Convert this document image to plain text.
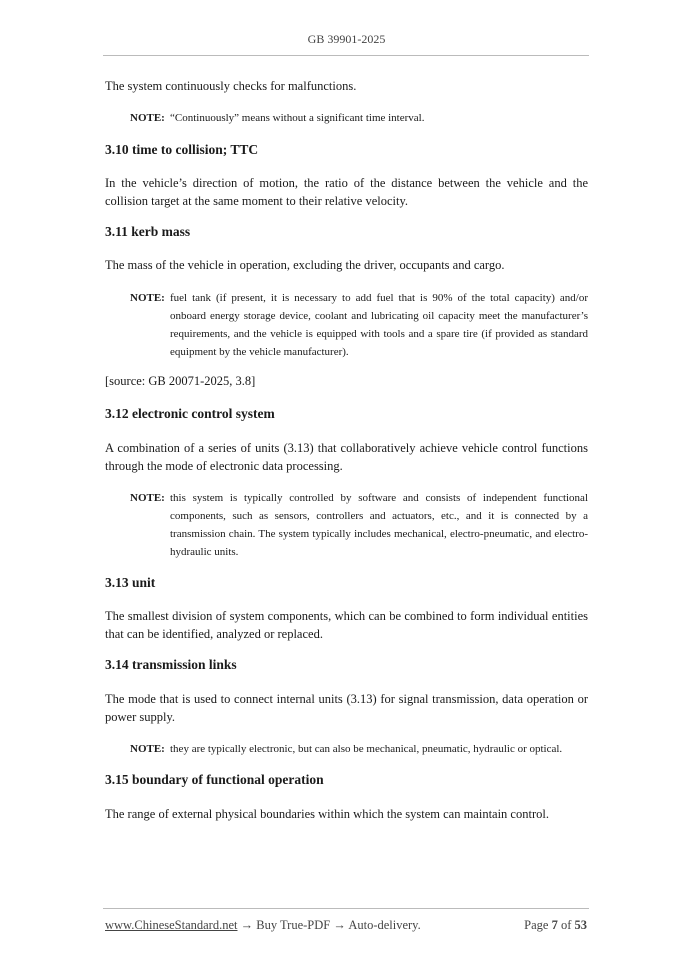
GB 39901-2025
The system continuously checks for malfunctions.
NOTE: “Continuously” means without a significant time interval.
3.10 time to collision; TTC
In the vehicle’s direction of motion, the ratio of the distance between the vehicle and the collision target at the same moment to their relative velocity.
3.11 kerb mass
The mass of the vehicle in operation, excluding the driver, occupants and cargo.
NOTE: fuel tank (if present, it is necessary to add fuel that is 90% of the total capacity) and/or onboard energy storage device, coolant and lubricating oil capacity meet the manufacturer’s requirements, and the vehicle is equipped with tools and a spare tire (if provided as standard equipment by the vehicle manufacturer).
[source: GB 20071-2025, 3.8]
3.12 electronic control system
A combination of a series of units (3.13) that collaboratively achieve vehicle control functions through the mode of electronic data processing.
NOTE: this system is typically controlled by software and consists of independent functional components, such as sensors, controllers and actuators, etc., and it is connected by a transmission chain. The system typically includes mechanical, electro-pneumatic, and electro-hydraulic units.
3.13 unit
The smallest division of system components, which can be combined to form individual entities that can be identified, analyzed or replaced.
3.14 transmission links
The mode that is used to connect internal units (3.13) for signal transmission, data operation or power supply.
NOTE: they are typically electronic, but can also be mechanical, pneumatic, hydraulic or optical.
3.15 boundary of functional operation
The range of external physical boundaries within which the system can maintain control.
www.ChineseStandard.net → Buy True-PDF → Auto-delivery.	Page 7 of 53
